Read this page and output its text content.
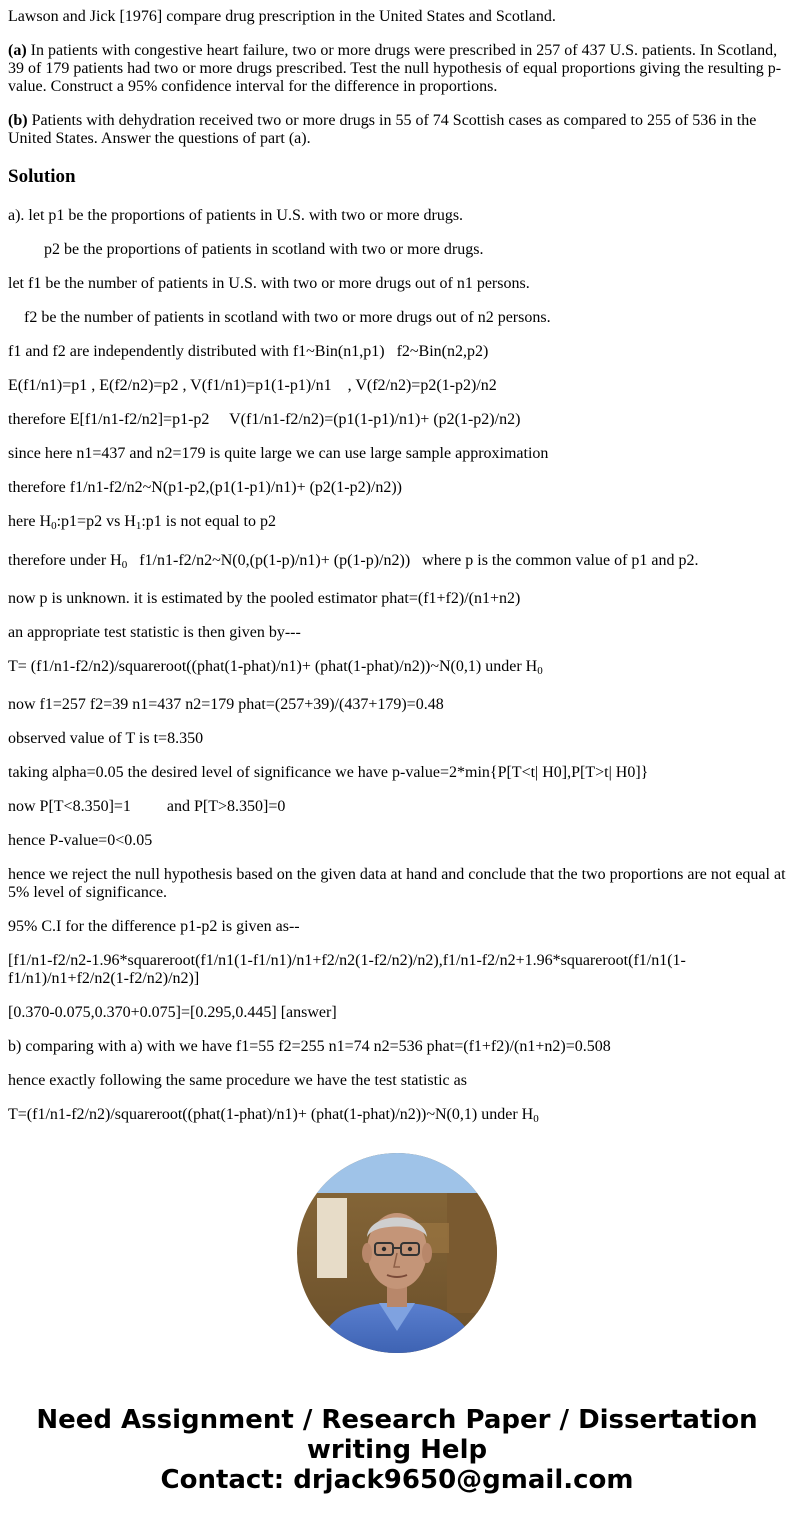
Lawson and Jick [1976] compare drug prescription in the United States and Scotland.

(a) In patients with congestive heart failure, two or more drugs were prescribed in 257 of 437 U.S. patients. In Scotland, 39 of 179 patients had two or more drugs prescribed. Test the null hypothesis of equal proportions giving the resulting p-value. Construct a 95% confidence interval for the difference in proportions.

(b) Patients with dehydration received two or more drugs in 55 of 74 Scottish cases as compared to 255 of 536 in the United States. Answer the questions of part (a).

Solution

a). let p1 be the proportions of patients in U.S. with two or more drugs.

p2 be the proportions of patients in scotland with two or more drugs.

let f1 be the number of patients in U.S. with two or more drugs out of n1 persons.

f2 be the number of patients in scotland with two or more drugs out of n2 persons.

f1 and f2 are independently distributed with f1~Bin(n1,p1)   f2~Bin(n2,p2)

E(f1/n1)=p1 , E(f2/n2)=p2 , V(f1/n1)=p1(1-p1)/n1    , V(f2/n2)=p2(1-p2)/n2

therefore E[f1/n1-f2/n2]=p1-p2     V(f1/n1-f2/n2)=(p1(1-p1)/n1)+ (p2(1-p2)/n2)

since here n1=437 and n2=179 is quite large we can use large sample approximation

therefore f1/n1-f2/n2~N(p1-p2,(p1(1-p1)/n1)+ (p2(1-p2)/n2))

here $H_0:p1=p2$ vs $H_1:p1$ is not equal to p2

therefore under $H_0$   f1/n1-f2/n2~N(0,(p(1-p)/n1)+ (p(1-p)/n2))   where p is the common value of p1 and p2.

now p is unknown. it is estimated by the pooled estimator phat=(f1+f2)/(n1+n2)

an appropriate test statistic is then given by---

T= (f1/n1-f2/n2)/squareroot((phat(1-phat)/n1)+ (phat(1-phat)/n2))~N(0,1) under $H_0$

now f1=257 f2=39 n1=437 n2=179 phat=(257+39)/(437+179)=0.48

observed value of T is t=8.350

taking alpha=0.05 the desired level of significance we have p-value=2*min{P[T<t| H0],P[T>t| H0]}

now P[T<8.350]=1         and P[T>8.350]=0

hence P-value=0<0.05

hence we reject the null hypothesis based on the given data at hand and conclude that the two proportions are not equal at 5% level of significance.

95% C.I for the difference p1-p2 is given as--

[f1/n1-f2/n2-1.96*squareroot(f1/n1(1-f1/n1)/n1+f2/n2(1-f2/n2)/n2),f1/n1-f2/n2+1.96*squareroot(f1/n1(1-f1/n1)/n1+f2/n2(1-f2/n2)/n2)]

[0.370-0.075,0.370+0.075]=[0.295,0.445] [answer]

b) comparing with a) with we have f1=55 f2=255 n1=74 n2=536 phat=(f1+f2)/(n1+n2)=0.508

hence exactly following the same procedure we have the test statistic as

T=(f1/n1-f2/n2)/squareroot((phat(1-phat)/n1)+ (phat(1-phat)/n2))~N(0,1) under $H_0$

Need Assignment / Research Paper / Dissertation
writing Help
Contact: drjack9650@gmail.com
